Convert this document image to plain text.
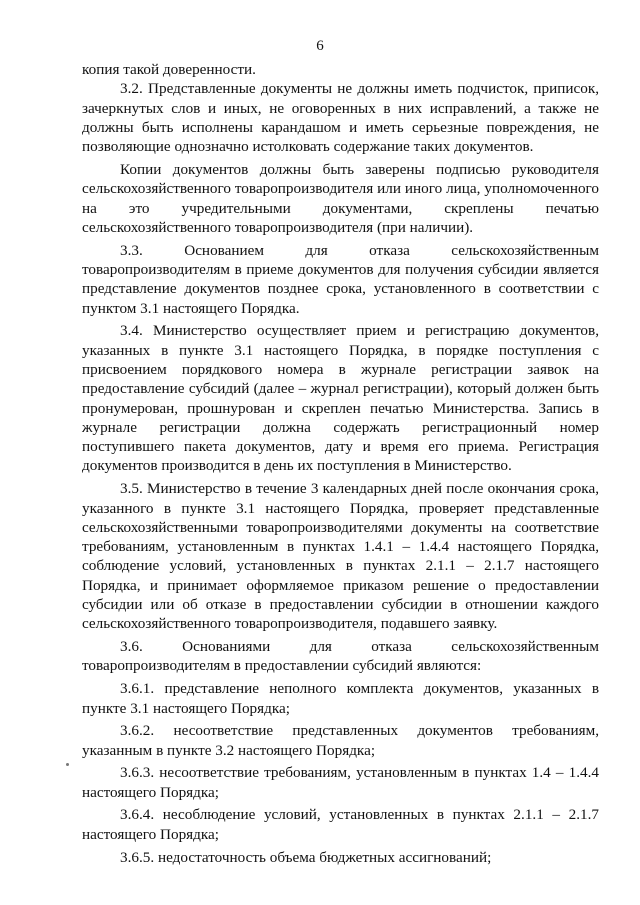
6

копия такой доверенности.

3.2. Представленные документы не должны иметь подчисток, приписок, зачеркнутых слов и иных, не оговоренных в них исправлений, а также не должны быть исполнены карандашом и иметь серьезные повреждения, не позволяющие однозначно истолковать содержание таких документов.

Копии документов должны быть заверены подписью руководителя сельскохозяйственного товаропроизводителя или иного лица, уполномоченного на это учредительными документами, скреплены печатью сельскохозяйственного товаропроизводителя (при наличии).

3.3. Основанием для отказа сельскохозяйственным товаропроизводителям в приеме документов для получения субсидии является представление документов позднее срока, установленного в соответствии с пунктом 3.1 настоящего Порядка.

3.4. Министерство осуществляет прием и регистрацию документов, указанных в пункте 3.1 настоящего Порядка, в порядке поступления с присвоением порядкового номера в журнале регистрации заявок на предоставление субсидий (далее – журнал регистрации), который должен быть пронумерован, прошнурован и скреплен печатью Министерства. Запись в журнале регистрации должна содержать регистрационный номер поступившего пакета документов, дату и время его приема. Регистрация документов производится в день их поступления в Министерство.

3.5. Министерство в течение 3 календарных дней после окончания срока, указанного в пункте 3.1 настоящего Порядка, проверяет представленные сельскохозяйственными товаропроизводителями документы на соответствие требованиям, установленным в пунктах 1.4.1 – 1.4.4 настоящего Порядка, соблюдение условий, установленных в пунктах 2.1.1 – 2.1.7 настоящего Порядка, и принимает оформляемое приказом решение о предоставлении субсидии или об отказе в предоставлении субсидии в отношении каждого сельскохозяйственного товаропроизводителя, подавшего заявку.

3.6. Основаниями для отказа сельскохозяйственным товаропроизводителям в предоставлении субсидий являются:

3.6.1. представление неполного комплекта документов, указанных в пункте 3.1 настоящего Порядка;

3.6.2. несоответствие представленных документов требованиям, указанным в пункте 3.2 настоящего Порядка;

3.6.3. несоответствие требованиям, установленным в пунктах 1.4 – 1.4.4 настоящего Порядка;

3.6.4. несоблюдение условий, установленных в пунктах 2.1.1 – 2.1.7 настоящего Порядка;

3.6.5. недостаточность объема бюджетных ассигнований;
